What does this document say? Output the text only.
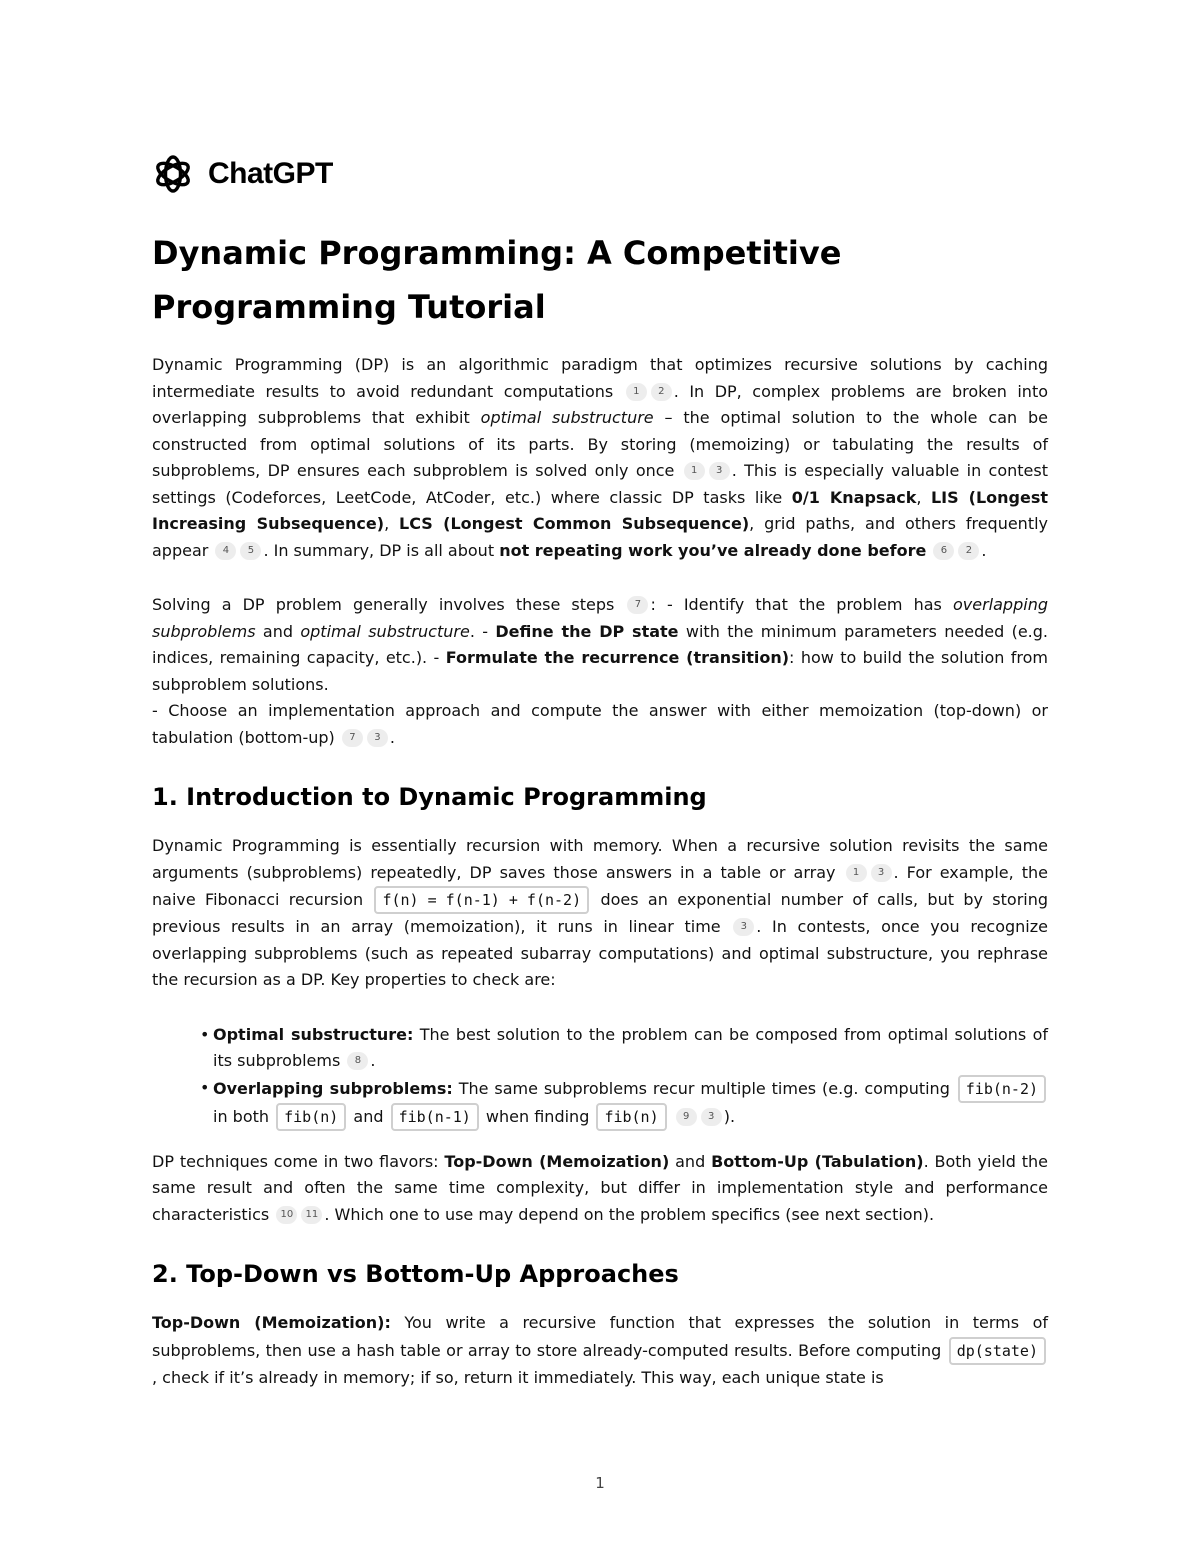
ChatGPT
Dynamic Programming: A Competitive Programming Tutorial

Dynamic Programming (DP) is an algorithmic paradigm that optimizes recursive solutions by caching intermediate results to avoid redundant computations 1 2 . In DP, complex problems are broken into overlapping subproblems that exhibit optimal substructure – the optimal solution to the whole can be constructed from optimal solutions of its parts. By storing (memoizing) or tabulating the results of subproblems, DP ensures each subproblem is solved only once 1 3 . This is especially valuable in contest settings (Codeforces, LeetCode, AtCoder, etc.) where classic DP tasks like 0/1 Knapsack, LIS (Longest Increasing Subsequence), LCS (Longest Common Subsequence), grid paths, and others frequently appear 4 5 . In summary, DP is all about not repeating work you’ve already done before 6 2 .

Solving a DP problem generally involves these steps 7 : - Identify that the problem has overlapping subproblems and optimal substructure. - Define the DP state with the minimum parameters needed (e.g. indices, remaining capacity, etc.). - Formulate the recurrence (transition): how to build the solution from subproblem solutions.

- Choose an implementation approach and compute the answer with either memoization (top-down) or tabulation (bottom-up) 7 3 .

1. Introduction to Dynamic Programming

Dynamic Programming is essentially recursion with memory. When a recursive solution revisits the same arguments (subproblems) repeatedly, DP saves those answers in a table or array 1 3 . For example, the naive Fibonacci recursion f(n) = f(n-1) + f(n-2) does an exponential number of calls, but by storing previous results in an array (memoization), it runs in linear time 3 . In contests, once you recognize overlapping subproblems (such as repeated subarray computations) and optimal substructure, you rephrase the recursion as a DP. Key properties to check are:

• Optimal substructure: The best solution to the problem can be composed from optimal solutions of its subproblems 8 .
• Overlapping subproblems: The same subproblems recur multiple times (e.g. computing fib(n-2) in both fib(n) and fib(n-1) when finding fib(n) 9 3 ).

DP techniques come in two flavors: Top-Down (Memoization) and Bottom-Up (Tabulation). Both yield the same result and often the same time complexity, but differ in implementation style and performance characteristics 10 11 . Which one to use may depend on the problem specifics (see next section).

2. Top-Down vs Bottom-Up Approaches

Top-Down (Memoization): You write a recursive function that expresses the solution in terms of subproblems, then use a hash table or array to store already-computed results. Before computing dp(state), check if it’s already in memory; if so, return it immediately. This way, each unique state is

1
